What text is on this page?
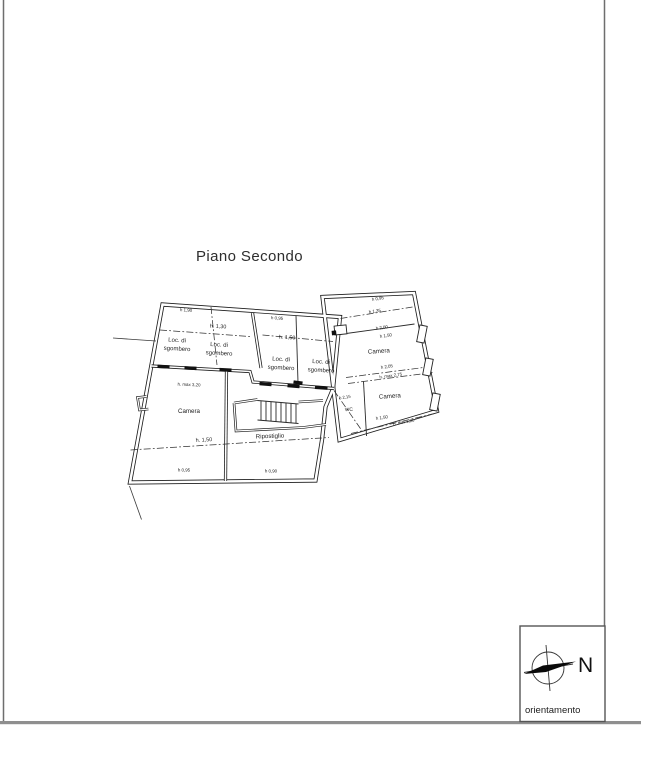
Piano Secondo
h 1,90
h. 1,30
h 0,95
h. 1,50
Loc. di
sgombero
Loc. di
sgombero
Loc. di
sgombero
Loc. di
sgombero
h. max 3,20
Camera
h. 1,50
Ripostiglio
h 0,95	h 0,90
h 0,95
h 1,35
h 2,00
h 1,50
Camera
h 2,05
h. max 2,75
h 2,15
WC
Camera
h 1,50 h. min 1,00
N
orientamento
